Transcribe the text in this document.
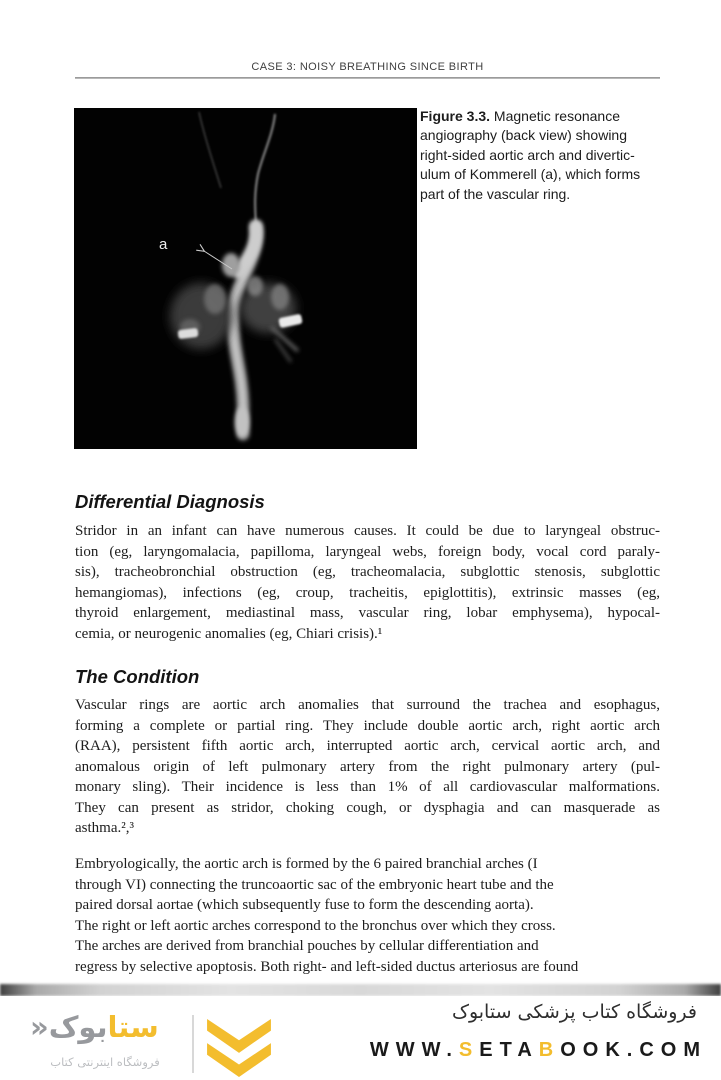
CASE 3: NOISY BREATHING SINCE BIRTH
a
Figure 3.3. Magnetic resonance
angiography (back view) showing
right-sided aortic arch and divertic-
ulum of Kommerell (a), which forms
part of the vascular ring.
Differential Diagnosis
Stridor in an infant can have numerous causes. It could be due to laryngeal obstruc-
tion (eg, laryngomalacia, papilloma, laryngeal webs, foreign body, vocal cord paraly-
sis), tracheobronchial obstruction (eg, tracheomalacia, subglottic stenosis, subglottic
hemangiomas), infections (eg, croup, tracheitis, epiglottitis), extrinsic masses (eg,
thyroid enlargement, mediastinal mass, vascular ring, lobar emphysema), hypocal-
cemia, or neurogenic anomalies (eg, Chiari crisis).¹
The Condition
Vascular rings are aortic arch anomalies that surround the trachea and esophagus,
forming a complete or partial ring. They include double aortic arch, right aortic arch
(RAA), persistent fifth aortic arch, interrupted aortic arch, cervical aortic arch, and
anomalous origin of left pulmonary artery from the right pulmonary artery (pul-
monary sling). Their incidence is less than 1% of all cardiovascular malformations.
They can present as stridor, choking cough, or dysphagia and can masquerade as
asthma.²,³
Embryologically, the aortic arch is formed by the 6 paired branchial arches (I
through VI) connecting the truncoaortic sac of the embryonic heart tube and the
paired dorsal aortae (which subsequently fuse to form the descending aorta).
The right or left aortic arches correspond to the bronchus over which they cross.
The arches are derived from branchial pouches by cellular differentiation and
regress by selective apoptosis. Both right- and left-sided ductus arteriosus are found
ستابوک«
فروشگاه اینترنتی کتاب
فروشگاه کتاب پزشکی ستابوک
WWW.SETABOOK.COM
